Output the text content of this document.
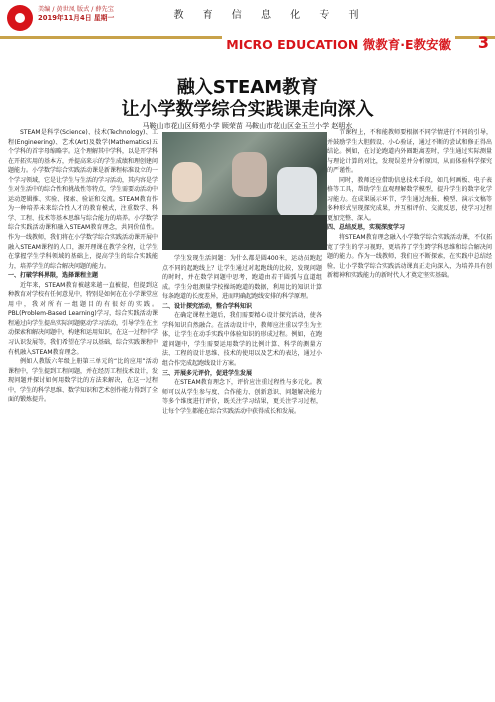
美编 / 黄世凤 版式 / 薛先宝
2019年11月4日 星期一	教 育 信 息 化 专 刊
MICRO EDUCATION 微教育·E教安徽 3
融入STEAM教育
让小学数学综合实践课走向深入
马鞍山市花山区师苑小学 顾荣苗 马鞍山市花山区金玉兰小学 赵明水

STEAM是科学(Science)、技术(Technology)、工程(Engineering)、艺术(Art)及数学(Mathematics)五个学科的首字母缩略字。这个理解其中学科，以是开学科在开拓实用的基本方，并提高来示的学生成绩和理创建问题能力。小学数学综合实践活动课是新课程标准设立的一个学习领域，它是让学生与生活的学习活动，其内容是学生对生活中的综合性和挑战性等特点，学生需要动活动中运动逻辑推、实验、探索、验证和交流。STEAM教育作为一种培养未来综合性人才的教育模式，注重数学、科学、工程、技术等基本思维与综合能力的培养。小学数学综合实践活动课和融入STEAM教育理念，共同价值性。作为一线教师，我们将在小学数学综合实践活动课开展中融入STEAM课程的人口，源开理课在教学全程，让学生在掌握学生学科领域的基础上，提高学生的综合实践能力，培养学生的综合解决问题的能力。

一、打破学科界限，选择课程主题

近年来，STEAM教育被越来越一直被提，但提到这种教育对学校有任何意见中，特别是如何在在小学课堂应用中，我对所有一组题目的有很好的实践。PBL(Problem-Based Learning)学习，综合实践活动课程通过向学生提出实际问题驱动学习活动，引导学生在主动探索和解决问题中，构建和运用知识，在这一过程中学习认识发展等，我们希望在学习以基础，综合实践课程中有机融入STEAM教育理念。

例如人教版六年级上册第三单元的“比的应用”活动课程中，学生提到工程问题，并在经历工程技术设计，发现问题并探讨如何用数学比的方法来解决，在这一过程中，学生的科学思维、数学知识和艺术创作能力得到了全面的锻炼提升。

学生发现生活问题：为什么都是圆400米，运动员跑起点不同的起跑线上？让学生通过对起跑线的比较，发现问题的时时，并在数学问题中思考，跑道由若干圆弧与直道组成。学生分组测量学校操场跑道的数据，利用比的知识计算每条跑道的长度差异，进而明确起跑线安排的科学原理。

二、设计探究活动，整合学科知识

在确定课程主题后，我们需要精心设计探究活动，使各学科知识自然融合。在活动设计中，教师应注重以学生为主体，让学生在动手实践中体验知识的形成过程。例如，在跑道问题中，学生需要运用数学的比例计算、科学的测量方法、工程的设计思维、技术的使用以及艺术的表达，通过小组合作完成起跑线设计方案。

三、开展多元评价，促进学生发展

在STEAM教育理念下，评价应注重过程性与多元化。教师可以从学生参与度、合作能力、创新意识、问题解决能力等多个维度进行评价，既关注学习结果，更关注学习过程，让每个学生都能在综合实践活动中获得成长和发展。

节课程上，不和能教师要根据不同学情进行不同的引导，并鼓励学生大胆假设、小心验证，通过不断的尝试和修正得出结论。例如，在讨论跑道内外圈距离差时，学生通过实际测量与理论计算的对比，发现误差并分析原因，从而体验科学探究的严谨性。

同时，教师还应借助信息技术手段，如几何画板、电子表格等工具，帮助学生直观理解数学模型，提升学生的数字化学习能力。在成果展示环节，学生通过海报、模型、演示文稿等多种形式呈现探究成果，并互相评价、交流反思，使学习过程更加完整、深入。

四、总结反思，实现深度学习

将STEAM教育理念融入小学数学综合实践活动课，不仅拓宽了学生的学习视野，更培养了学生跨学科思维和综合解决问题的能力。作为一线教师，我们应不断探索，在实践中总结经验，让小学数学综合实践活动课真正走向深入，为培养具有创新精神和实践能力的新时代人才奠定坚实基础。
